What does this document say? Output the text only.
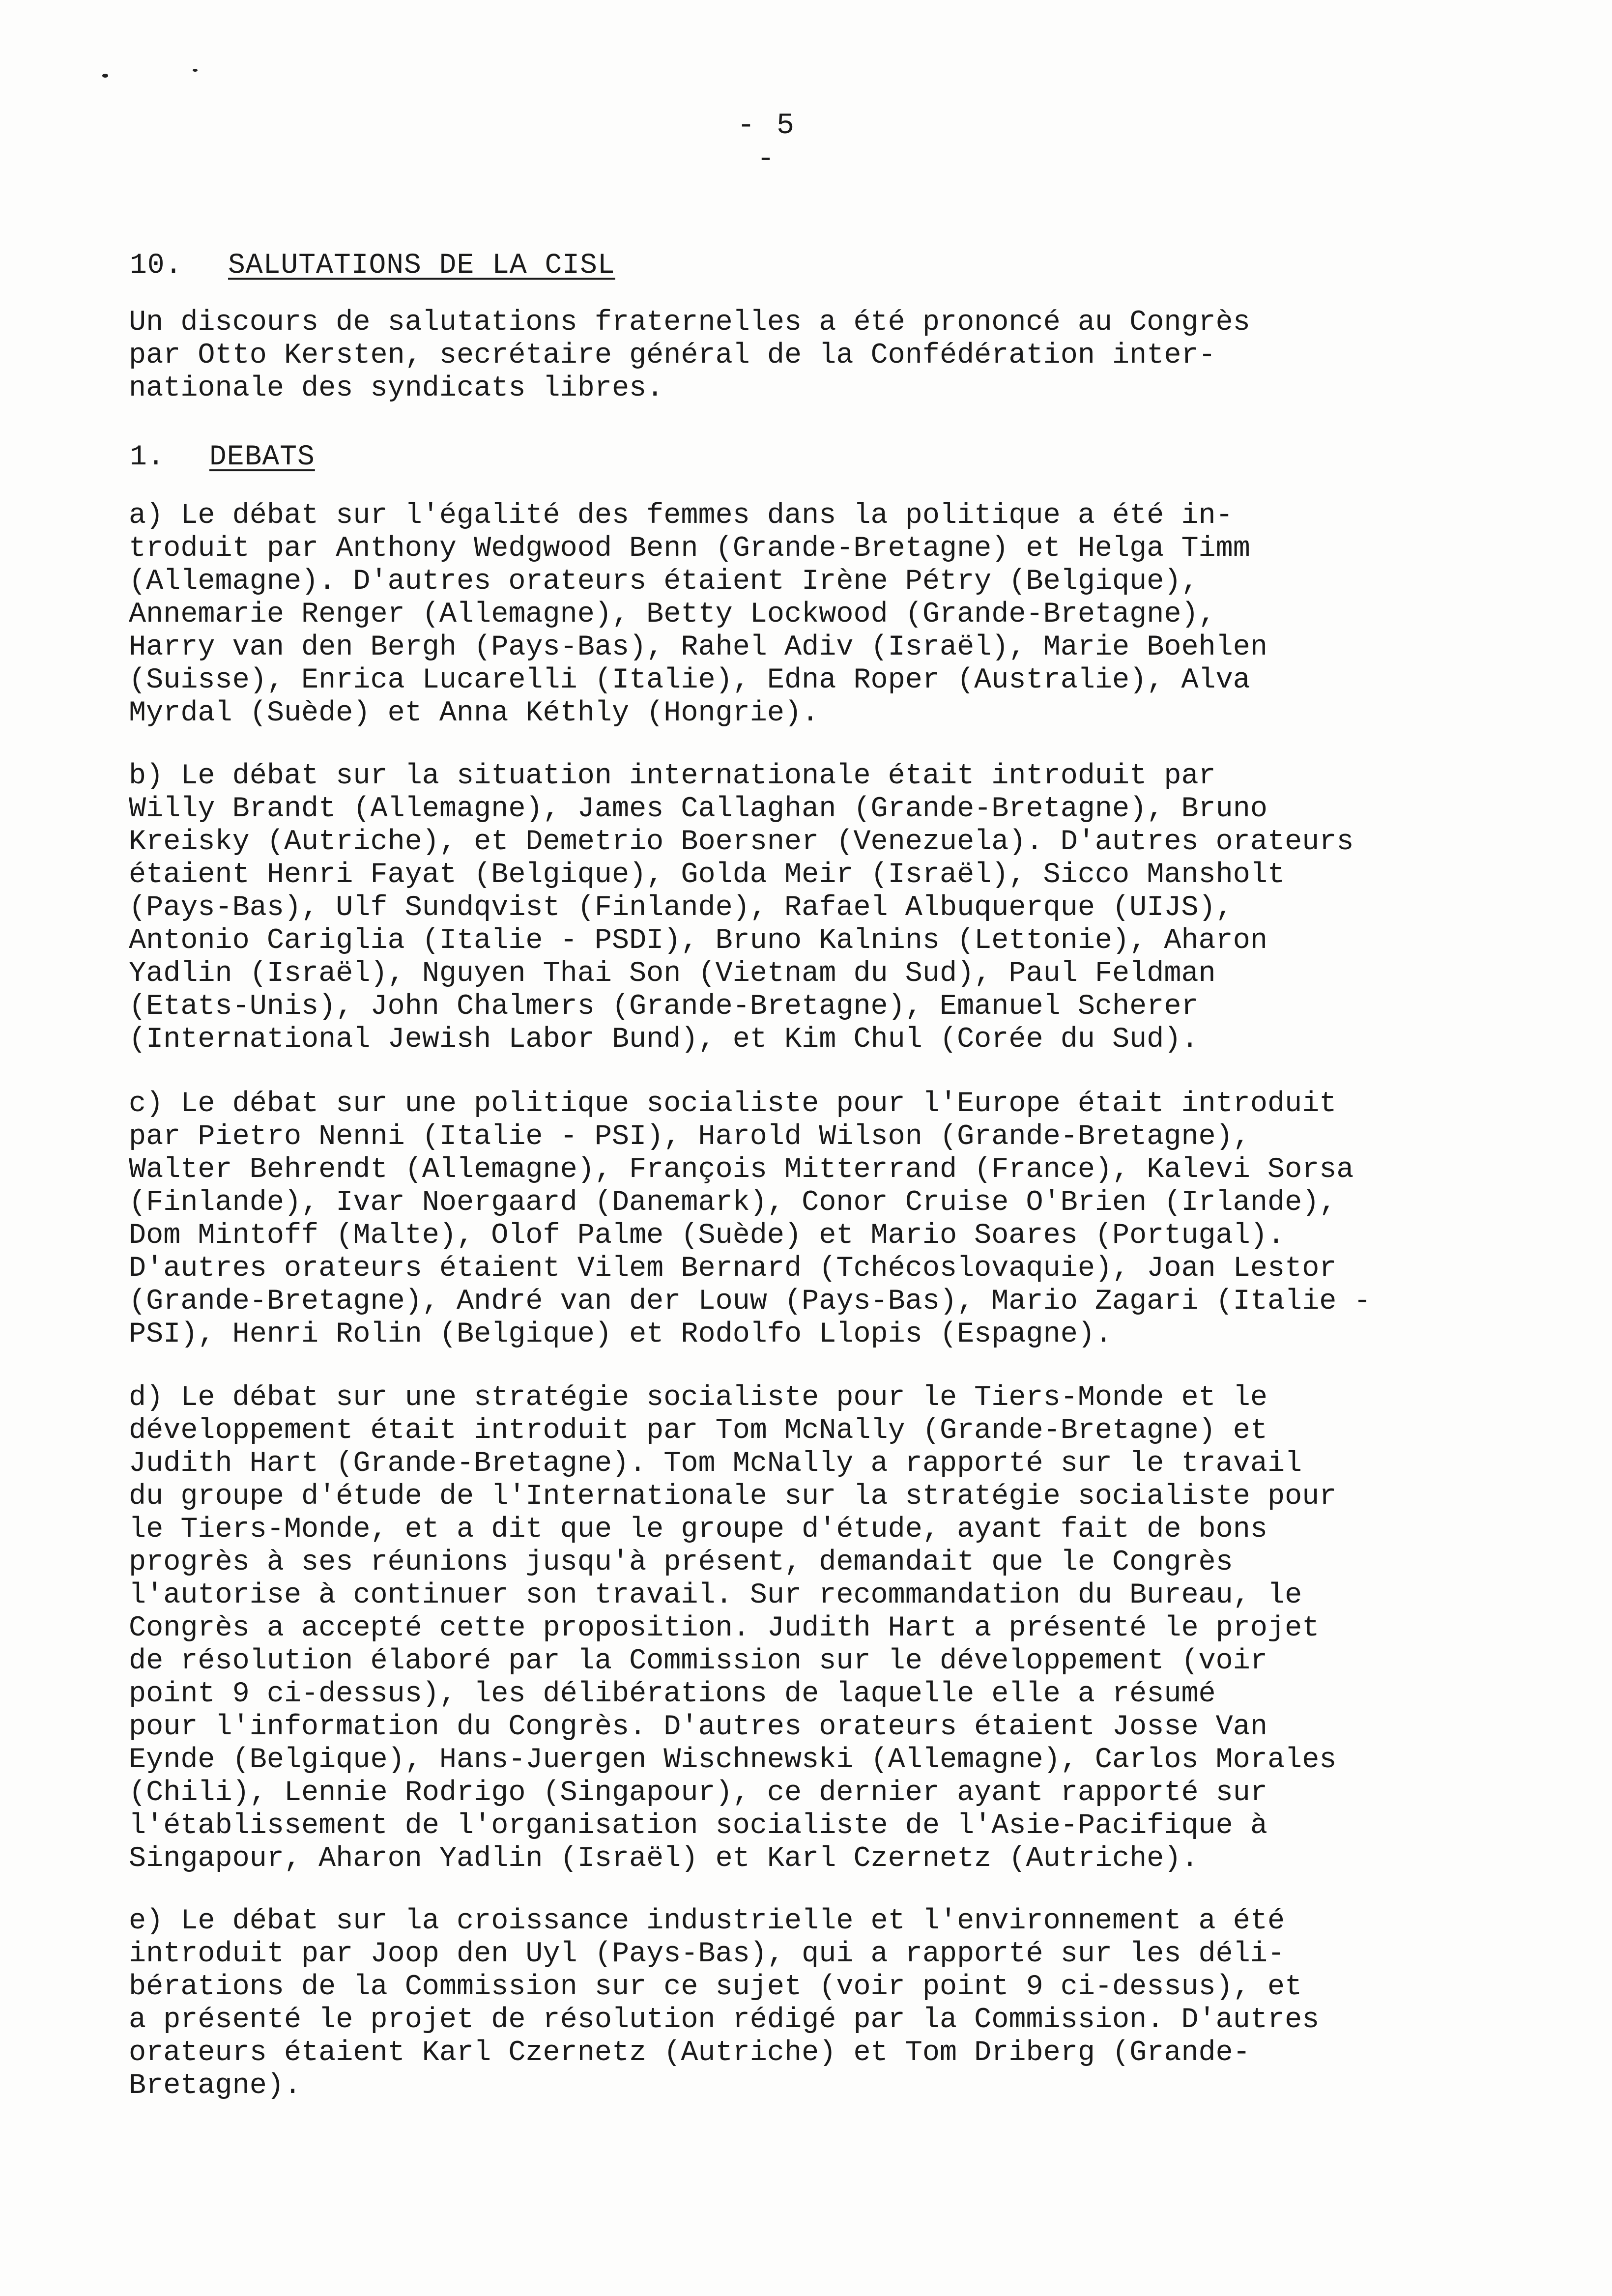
- 5 -
10. SALUTATIONS DE LA CISL
Un discours de salutations fraternelles a été prononcé au Congrès
par Otto Kersten, secrétaire général de la Confédération inter-
nationale des syndicats libres.
1. DEBATS
a) Le débat sur l'égalité des femmes dans la politique a été in-
troduit par Anthony Wedgwood Benn (Grande-Bretagne) et Helga Timm
(Allemagne). D'autres orateurs étaient Irène Pétry (Belgique),
Annemarie Renger (Allemagne), Betty Lockwood (Grande-Bretagne),
Harry van den Bergh (Pays-Bas), Rahel Adiv (Israël), Marie Boehlen
(Suisse), Enrica Lucarelli (Italie), Edna Roper (Australie), Alva
Myrdal (Suède) et Anna Kéthly (Hongrie).
b) Le débat sur la situation internationale était introduit par
Willy Brandt (Allemagne), James Callaghan (Grande-Bretagne), Bruno
Kreisky (Autriche), et Demetrio Boersner (Venezuela). D'autres orateurs
étaient Henri Fayat (Belgique), Golda Meir (Israël), Sicco Mansholt
(Pays-Bas), Ulf Sundqvist (Finlande), Rafael Albuquerque (UIJS),
Antonio Cariglia (Italie - PSDI), Bruno Kalnins (Lettonie), Aharon
Yadlin (Israël), Nguyen Thai Son (Vietnam du Sud), Paul Feldman
(Etats-Unis), John Chalmers (Grande-Bretagne), Emanuel Scherer
(International Jewish Labor Bund), et Kim Chul (Corée du Sud).
c) Le débat sur une politique socialiste pour l'Europe était introduit
par Pietro Nenni (Italie - PSI), Harold Wilson (Grande-Bretagne),
Walter Behrendt (Allemagne), François Mitterrand (France), Kalevi Sorsa
(Finlande), Ivar Noergaard (Danemark), Conor Cruise O'Brien (Irlande),
Dom Mintoff (Malte), Olof Palme (Suède) et Mario Soares (Portugal).
D'autres orateurs étaient Vilem Bernard (Tchécoslovaquie), Joan Lestor
(Grande-Bretagne), André van der Louw (Pays-Bas), Mario Zagari (Italie -
PSI), Henri Rolin (Belgique) et Rodolfo Llopis (Espagne).
d) Le débat sur une stratégie socialiste pour le Tiers-Monde et le
développement était introduit par Tom McNally (Grande-Bretagne) et
Judith Hart (Grande-Bretagne). Tom McNally a rapporté sur le travail
du groupe d'étude de l'Internationale sur la stratégie socialiste pour
le Tiers-Monde, et a dit que le groupe d'étude, ayant fait de bons
progrès à ses réunions jusqu'à présent, demandait que le Congrès
l'autorise à continuer son travail. Sur recommandation du Bureau, le
Congrès a accepté cette proposition. Judith Hart a présenté le projet
de résolution élaboré par la Commission sur le développement (voir
point 9 ci-dessus), les délibérations de laquelle elle a résumé
pour l'information du Congrès. D'autres orateurs étaient Josse Van
Eynde (Belgique), Hans-Juergen Wischnewski (Allemagne), Carlos Morales
(Chili), Lennie Rodrigo (Singapour), ce dernier ayant rapporté sur
l'établissement de l'organisation socialiste de l'Asie-Pacifique à
Singapour, Aharon Yadlin (Israël) et Karl Czernetz (Autriche).
e) Le débat sur la croissance industrielle et l'environnement a été
introduit par Joop den Uyl (Pays-Bas), qui a rapporté sur les déli-
bérations de la Commission sur ce sujet (voir point 9 ci-dessus), et
a présenté le projet de résolution rédigé par la Commission. D'autres
orateurs étaient Karl Czernetz (Autriche) et Tom Driberg (Grande-
Bretagne).
